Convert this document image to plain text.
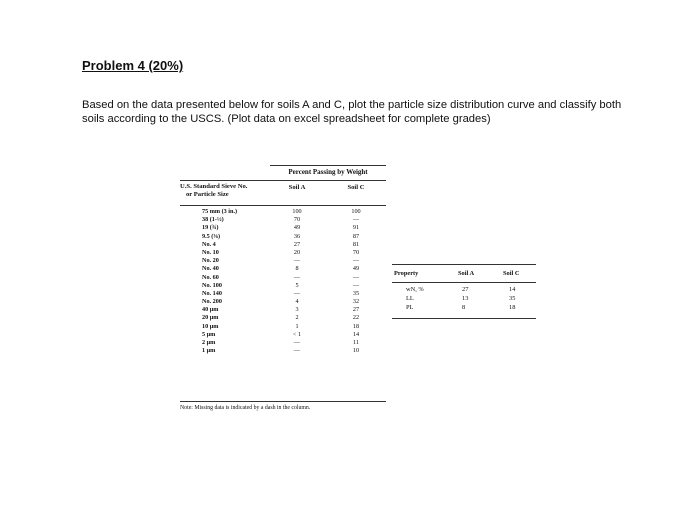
Problem 4 (20%)
Based on the data presented below for soils A and C, plot the particle size distribution curve and classify both soils according to the USCS. (Plot data on excel spreadsheet for complete grades)
Percent Passing by Weight
U.S. Standard Sieve No.
or Particle Size
Soil A	Soil C
75 mm (3 in.)	100	100
38 (1-½)	70	—
19 (¾)	49	91
9.5 (⅜)	36	87
No. 4	27	81
No. 10	20	70
No. 20	—	—
No. 40	8	49
No. 60	—	—
No. 100	5	—
No. 140	—	35
No. 200	4	32
40 μm	3	27
20 μm	2	22
10 μm	1	18
5 μm	< 1	14
2 μm	—	11
1 μm	—	10
Note: Missing data is indicated by a dash in the column.
Property	Soil A	Soil C
wN, %	27	14
LL	13	35
PL	8	18
